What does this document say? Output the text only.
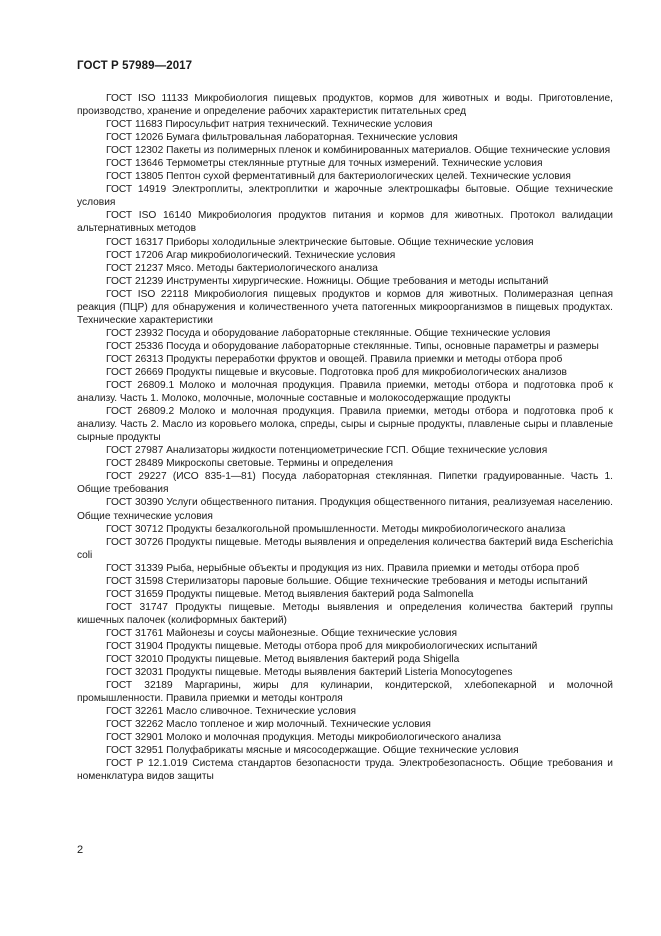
ГОСТ Р 57989—2017

ГОСТ ISO 11133 Микробиология пищевых продуктов, кормов для животных и воды. Приготовление, производство, хранение и определение рабочих характеристик питательных сред

ГОСТ 11683 Пиросульфит натрия технический. Технические условия

ГОСТ 12026 Бумага фильтровальная лабораторная. Технические условия

ГОСТ 12302 Пакеты из полимерных пленок и комбинированных материалов. Общие технические условия

ГОСТ 13646 Термометры стеклянные ртутные для точных измерений. Технические условия

ГОСТ 13805 Пептон сухой ферментативный для бактериологических целей. Технические условия

ГОСТ 14919 Электроплиты, электроплитки и жарочные электрошкафы бытовые. Общие технические условия

ГОСТ ISO 16140 Микробиология продуктов питания и кормов для животных. Протокол валидации альтернативных методов

ГОСТ 16317 Приборы холодильные электрические бытовые. Общие технические условия

ГОСТ 17206 Агар микробиологический. Технические условия

ГОСТ 21237 Мясо. Методы бактериологического анализа

ГОСТ 21239 Инструменты хирургические. Ножницы. Общие требования и методы испытаний

ГОСТ ISO 22118 Микробиология пищевых продуктов и кормов для животных. Полимеразная цепная реакция (ПЦР) для обнаружения и количественного учета патогенных микроорганизмов в пищевых продуктах. Технические характеристики

ГОСТ 23932 Посуда и оборудование лабораторные стеклянные. Общие технические условия

ГОСТ 25336 Посуда и оборудование лабораторные стеклянные. Типы, основные параметры и размеры

ГОСТ 26313 Продукты переработки фруктов и овощей. Правила приемки и методы отбора проб

ГОСТ 26669 Продукты пищевые и вкусовые. Подготовка проб для микробиологических анализов

ГОСТ 26809.1 Молоко и молочная продукция. Правила приемки, методы отбора и подготовка проб к анализу. Часть 1. Молоко, молочные, молочные составные и молокосодержащие продукты

ГОСТ 26809.2 Молоко и молочная продукция. Правила приемки, методы отбора и подготовка проб к анализу. Часть 2. Масло из коровьего молока, спреды, сыры и сырные продукты, плавленые сыры и плавленые сырные продукты

ГОСТ 27987 Анализаторы жидкости потенциометрические ГСП. Общие технические условия

ГОСТ 28489 Микроскопы световые. Термины и определения

ГОСТ 29227 (ИСО 835-1—81) Посуда лабораторная стеклянная. Пипетки градуированные. Часть 1. Общие требования

ГОСТ 30390 Услуги общественного питания. Продукция общественного питания, реализуемая населению. Общие технические условия

ГОСТ 30712 Продукты безалкогольной промышленности. Методы микробиологического анализа

ГОСТ 30726 Продукты пищевые. Методы выявления и определения количества бактерий вида Escherichia coli

ГОСТ 31339 Рыба, нерыбные объекты и продукция из них. Правила приемки и методы отбора проб

ГОСТ 31598 Стерилизаторы паровые большие. Общие технические требования и методы испытаний

ГОСТ 31659 Продукты пищевые. Метод выявления бактерий рода Salmonella

ГОСТ 31747 Продукты пищевые. Методы выявления и определения количества бактерий группы кишечных палочек (колиформных бактерий)

ГОСТ 31761 Майонезы и соусы майонезные. Общие технические условия

ГОСТ 31904 Продукты пищевые. Методы отбора проб для микробиологических испытаний

ГОСТ 32010 Продукты пищевые. Метод выявления бактерий рода Shigella

ГОСТ 32031 Продукты пищевые. Методы выявления бактерий Listeria Monocytogenes

ГОСТ 32189 Маргарины, жиры для кулинарии, кондитерской, хлебопекарной и молочной промышленности. Правила приемки и методы контроля

ГОСТ 32261 Масло сливочное. Технические условия

ГОСТ 32262 Масло топленое и жир молочный. Технические условия

ГОСТ 32901 Молоко и молочная продукция. Методы микробиологического анализа

ГОСТ 32951 Полуфабрикаты мясные и мясосодержащие. Общие технические условия

ГОСТ Р 12.1.019 Система стандартов безопасности труда. Электробезопасность. Общие требования и номенклатура видов защиты

2
